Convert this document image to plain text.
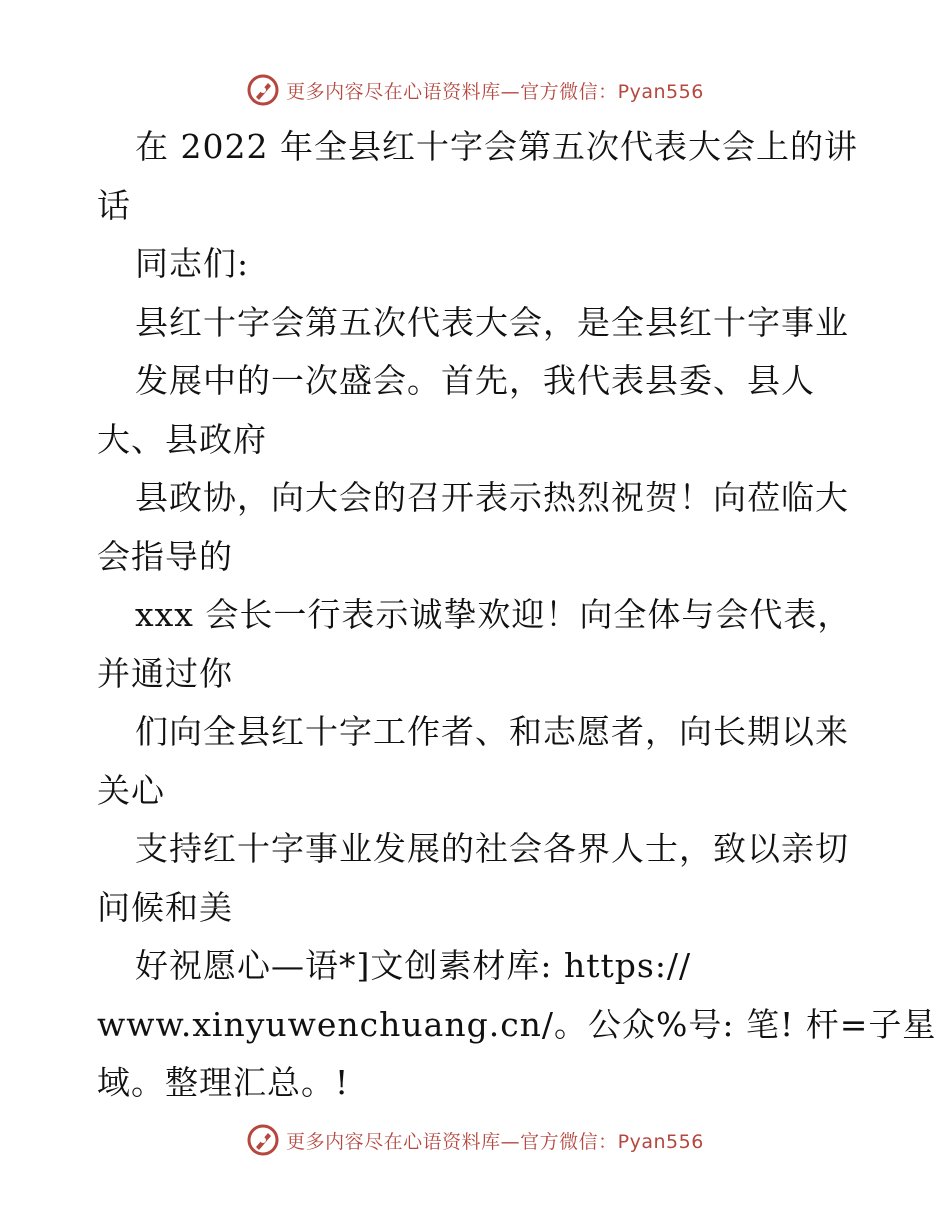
更多内容尽在心语资料库—官方微信：Pyan556
在 2022 年全县红十字会第五次代表大会上的讲
话
同志们:
县红十字会第五次代表大会，是全县红十字事业
发展中的一次盛会。首先，我代表县委、县人
大、县政府
县政协，向大会的召开表示热烈祝贺！向莅临大
会指导的
xxx 会长一行表示诚挚欢迎！向全体与会代表，
并通过你
们向全县红十字工作者、和志愿者，向长期以来
关心
支持红十字事业发展的社会各界人士，致以亲切
问候和美
好祝愿心—语*]文创素材库: https://
www.xinyuwenchuang.cn/。公众%号: 笔! 杆=子星
域。整理汇总。!
更多内容尽在心语资料库—官方微信：Pyan556
